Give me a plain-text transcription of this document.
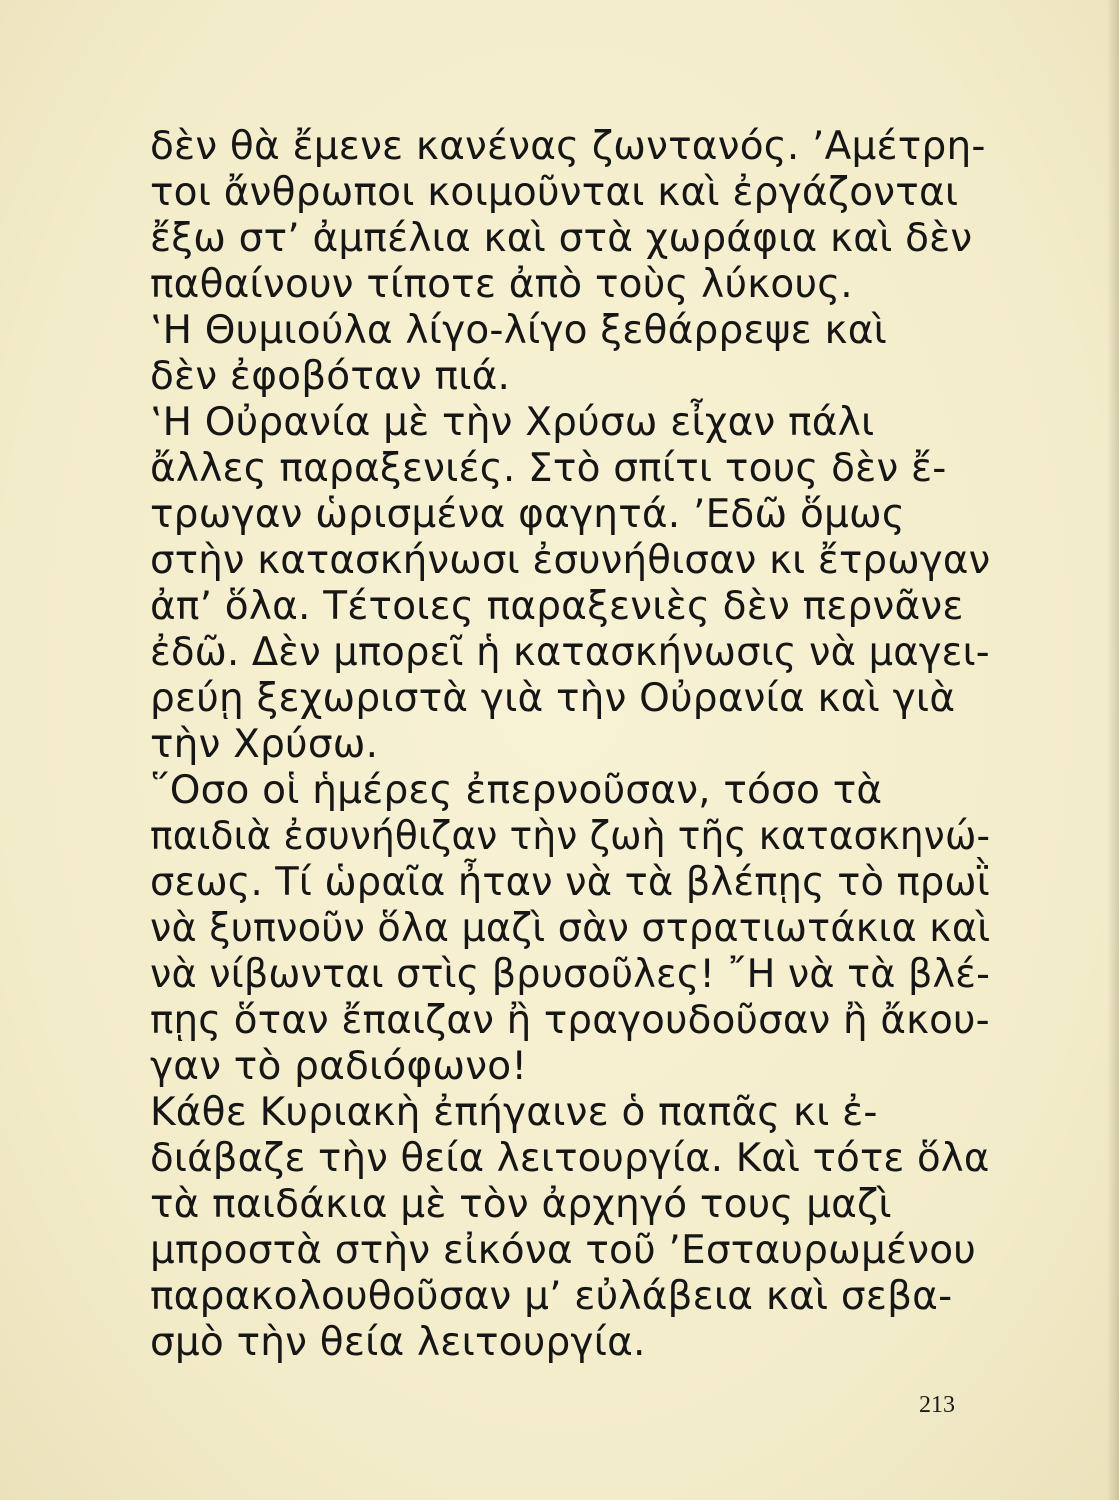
δὲν θὰ ἔμενε κανένας ζωντανός. ’Αμέτρη-
τοι ἄνθρωποι κοιμοῦνται καὶ ἐργάζονται
ἔξω στ’ ἀμπέλια καὶ στὰ χωράφια καὶ δὲν
παθαίνουν τίποτε ἀπὸ τοὺς λύκους.
‛Η Θυμιούλα λίγο-λίγο ξεθάρρεψε καὶ
δὲν ἐφοβόταν πιά.
‛Η Οὐρανία μὲ τὴν Χρύσω εἶχαν πάλι
ἄλλες παραξενιές. Στὸ σπίτι τους δὲν ἔ-
τρωγαν ὡρισμένα φαγητά. ’Εδῶ ὅμως
στὴν κατασκήνωσι ἐσυνήθισαν κι ἔτρωγαν
ἀπ’ ὅλα. Τέτοιες παραξενιὲς δὲν περνᾶνε
ἐδῶ. Δὲν μπορεῖ ἡ κατασκήνωσις νὰ μαγει-
ρεύῃ ξεχωριστὰ γιὰ τὴν Οὐρανία καὶ γιὰ
τὴν Χρύσω.
῞Οσο οἱ ἡμέρες ἐπερνοῦσαν, τόσο τὰ
παιδιὰ ἐσυνήθιζαν τὴν ζωὴ τῆς κατασκηνώ-
σεως. Τί ὡραῖα ἦταν νὰ τὰ βλέπῃς τὸ πρωῒ
νὰ ξυπνοῦν ὅλα μαζὶ σὰν στρατιωτάκια καὶ
νὰ νίβωνται στὶς βρυσοῦλες! ῎Η νὰ τὰ βλέ-
πῃς ὅταν ἔπαιζαν ἢ τραγουδοῦσαν ἢ ἄκου-
γαν τὸ ραδιόφωνο!
Κάθε Κυριακὴ ἐπήγαινε ὁ παπᾶς κι ἐ-
διάβαζε τὴν θεία λειτουργία. Καὶ τότε ὅλα
τὰ παιδάκια μὲ τὸν ἀρχηγό τους μαζὶ
μπροστὰ στὴν εἰκόνα τοῦ ’Εσταυρωμένου
παρακολουθοῦσαν μ’ εὐλάβεια καὶ σεβα-
σμὸ τὴν θεία λειτουργία.
213
